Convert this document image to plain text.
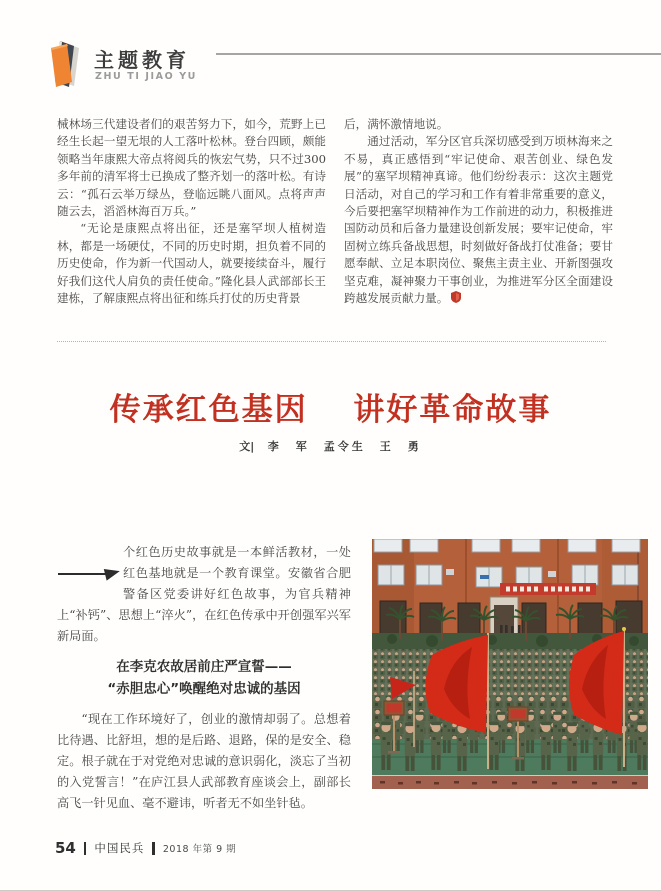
主题教育
ZHU TI JIAO YU

械林场三代建设者们的艰苦努力下，如今，荒野上已经生长起一望无垠的人工落叶松林。登台四顾，颇能领略当年康熙大帝点将阅兵的恢宏气势，只不过300多年前的清军将士已换成了整齐划一的落叶松。有诗云：“孤石云举万绿丛，登临远眺八面风。点将声声随云去，滔滔林海百万兵。”

“无论是康熙点将出征，还是塞罕坝人植树造林，都是一场硬仗，不同的历史时期，担负着不同的历史使命，作为新一代国动人，就要接续奋斗，履行好我们这代人肩负的责任使命。”隆化县人武部部长王建栋，了解康熙点将出征和练兵打仗的历史背景

后，满怀激情地说。

通过活动，军分区官兵深切感受到万顷林海来之不易，真正感悟到“牢记使命、艰苦创业、绿色发展”的塞罕坝精神真谛。他们纷纷表示：这次主题党日活动，对自己的学习和工作有着非常重要的意义，今后要把塞罕坝精神作为工作前进的动力，积极推进国防动员和后备力量建设创新发展；要牢记使命，牢固树立练兵备战思想，时刻做好备战打仗准备；要甘愿奉献、立足本职岗位、聚焦主责主业、开新图强攻坚克难，凝神聚力干事创业，为推进军分区全面建设跨越发展贡献力量。

传承红色基因　 讲好革命故事
文| 李　军　孟令生　王　勇

个红色历史故事就是一本鲜活教材，一处红色基地就是一个教育课堂。安徽省合肥警备区党委讲好红色故事，为官兵精神上“补钙”、思想上“淬火”，在红色传承中开创强军兴军新局面。

在李克农故居前庄严宣誓——
“赤胆忠心”唤醒绝对忠诚的基因

“现在工作环境好了，创业的激情却弱了。总想着比待遇、比舒坦，想的是后路、退路，保的是安全、稳定。根子就在于对党绝对忠诚的意识弱化，淡忘了当初的入党誓言！”在庐江县人武部教育座谈会上，副部长高飞一针见血、毫不避讳，听者无不如坐针毡。

54 中国民兵 2018 年第 9 期
